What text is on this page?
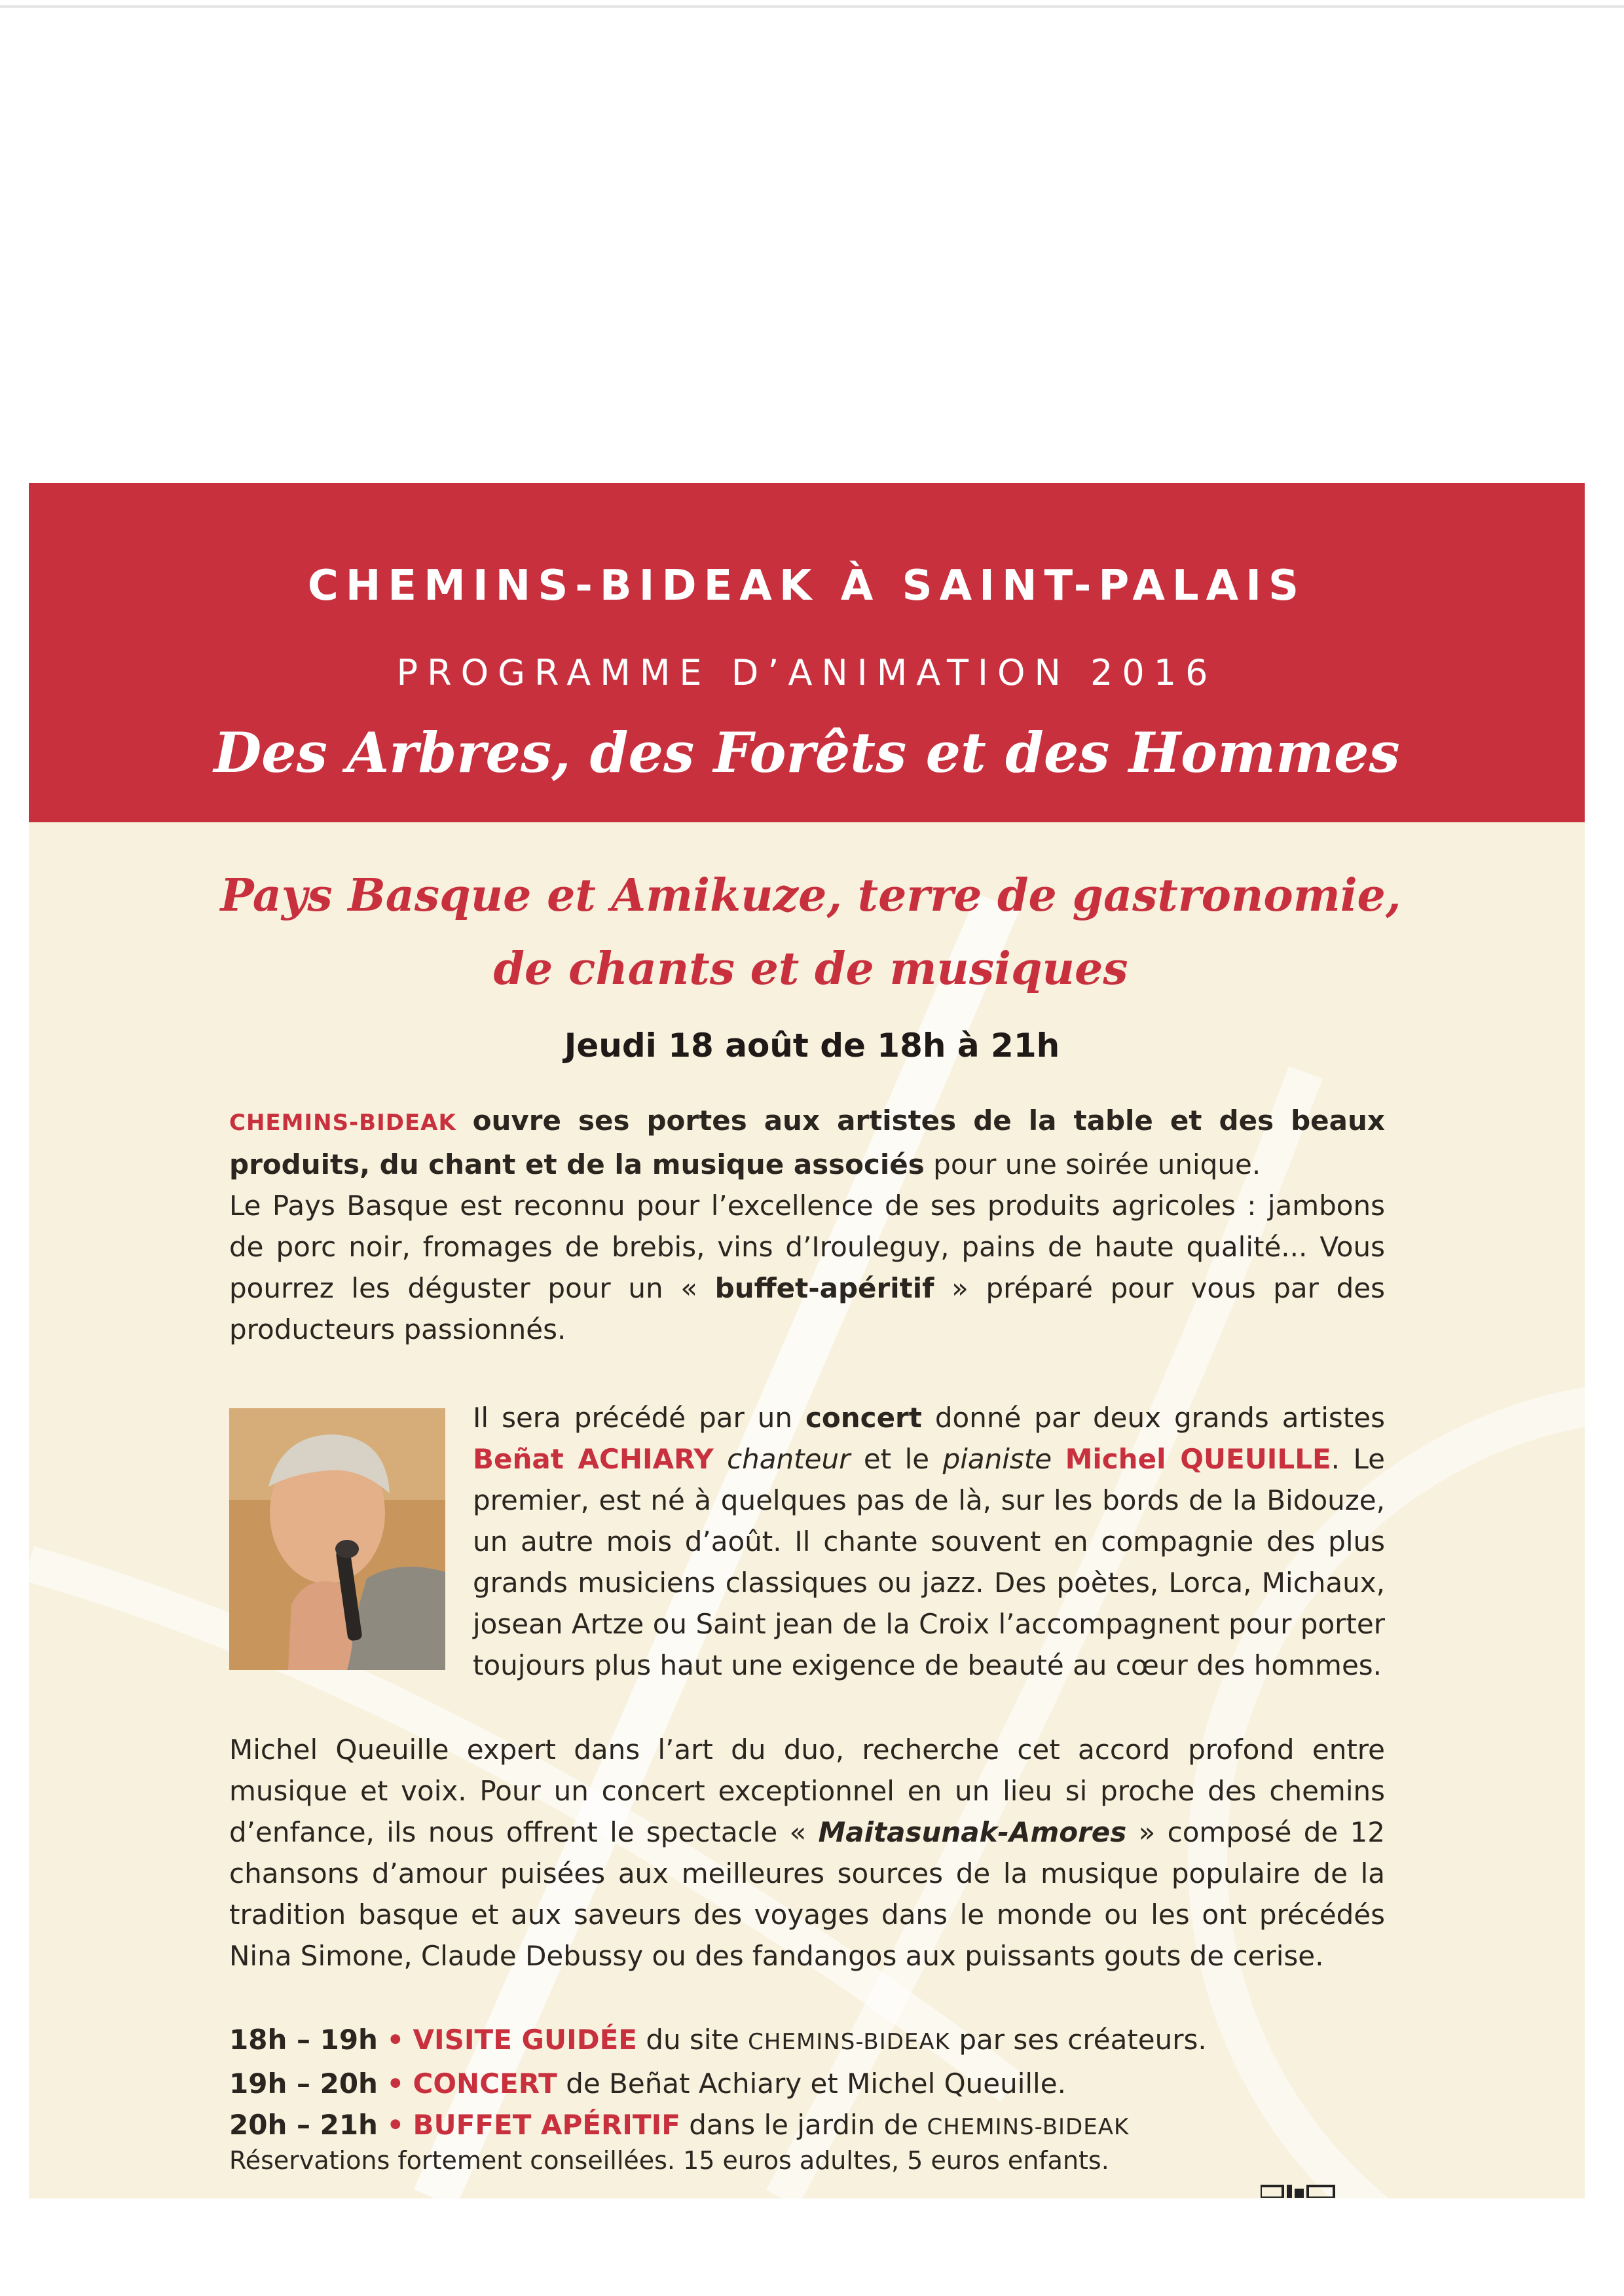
CHEMINS-BIDEAK À SAINT-PALAIS
PROGRAMME D’ANIMATION 2016
Des Arbres, des Forêts et des Hommes
Pays Basque et Amikuze, terre de gastronomie,
de chants et de musiques
Jeudi 18 août de 18h à 21h
CHEMINS-BIDEAK ouvre ses portes aux artistes de la table et des beaux produits, du chant et de la musique associés pour une soirée unique.
Le Pays Basque est reconnu pour l’excellence de ses produits agricoles : jambons de porc noir, fromages de brebis, vins d’Irouleguy, pains de haute qualité... Vous pourrez les déguster pour un « buffet-apéritif » préparé pour vous par des producteurs passionnés.
Il sera précédé par un concert donné par deux grands artistes Beñat ACHIARY chanteur et le pianiste Michel QUEUILLE. Le premier, est né à quelques pas de là, sur les bords de la Bidouze, un autre mois d’août. Il chante souvent en compagnie des plus grands musiciens classiques ou jazz. Des poètes, Lorca, Michaux, josean Artze ou Saint jean de la Croix l’accompagnent pour porter toujours plus haut une exigence de beauté au cœur des hommes.
Michel Queuille expert dans l’art du duo, recherche cet accord profond entre musique et voix. Pour un concert exceptionnel en un lieu si proche des chemins d’enfance, ils nous offrent le spectacle « Maitasunak-Amores » composé de 12 chansons d’amour puisées aux meilleures sources de la musique populaire de la tradition basque et aux saveurs des voyages dans le monde ou les ont précédés Nina Simone, Claude Debussy ou des fandangos aux puissants gouts de cerise.
18h – 19h • VISITE GUIDÉE du site CHEMINS-BIDEAK par ses créateurs.
19h – 20h • CONCERT de Beñat Achiary et Michel Queuille.
20h – 21h • BUFFET APÉRITIF dans le jardin de CHEMINS-BIDEAK
Réservations fortement conseillées. 15 euros adultes, 5 euros enfants.
